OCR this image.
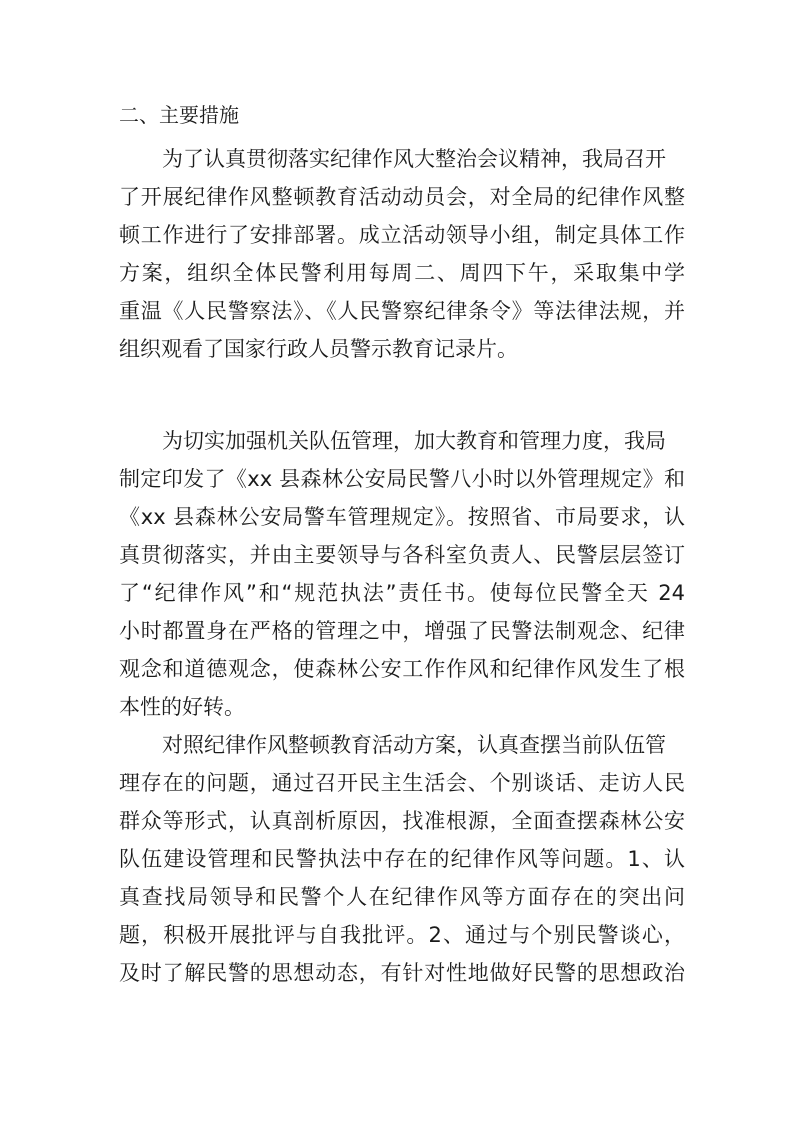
二、主要措施
为了认真贯彻落实纪律作风大整治会议精神，我局召开
了开展纪律作风整顿教育活动动员会，对全局的纪律作风整
顿工作进行了安排部署。成立活动领导小组，制定具体工作
方案，组织全体民警利用每周二、周四下午，采取集中学
重温《人民警察法》、《人民警察纪律条令》等法律法规，并
组织观看了国家行政人员警示教育记录片。
为切实加强机关队伍管理，加大教育和管理力度，我局
制定印发了《xx 县森林公安局民警八小时以外管理规定》和
《xx 县森林公安局警车管理规定》。按照省、市局要求，认
真贯彻落实，并由主要领导与各科室负责人、民警层层签订
了“纪律作风”和“规范执法”责任书。使每位民警全天 24
小时都置身在严格的管理之中，增强了民警法制观念、纪律
观念和道德观念，使森林公安工作作风和纪律作风发生了根
本性的好转。
对照纪律作风整顿教育活动方案，认真查摆当前队伍管
理存在的问题，通过召开民主生活会、个别谈话、走访人民
群众等形式，认真剖析原因，找准根源，全面查摆森林公安
队伍建设管理和民警执法中存在的纪律作风等问题。1、认
真查找局领导和民警个人在纪律作风等方面存在的突出问
题，积极开展批评与自我批评。2、通过与个别民警谈心，
及时了解民警的思想动态，有针对性地做好民警的思想政治
